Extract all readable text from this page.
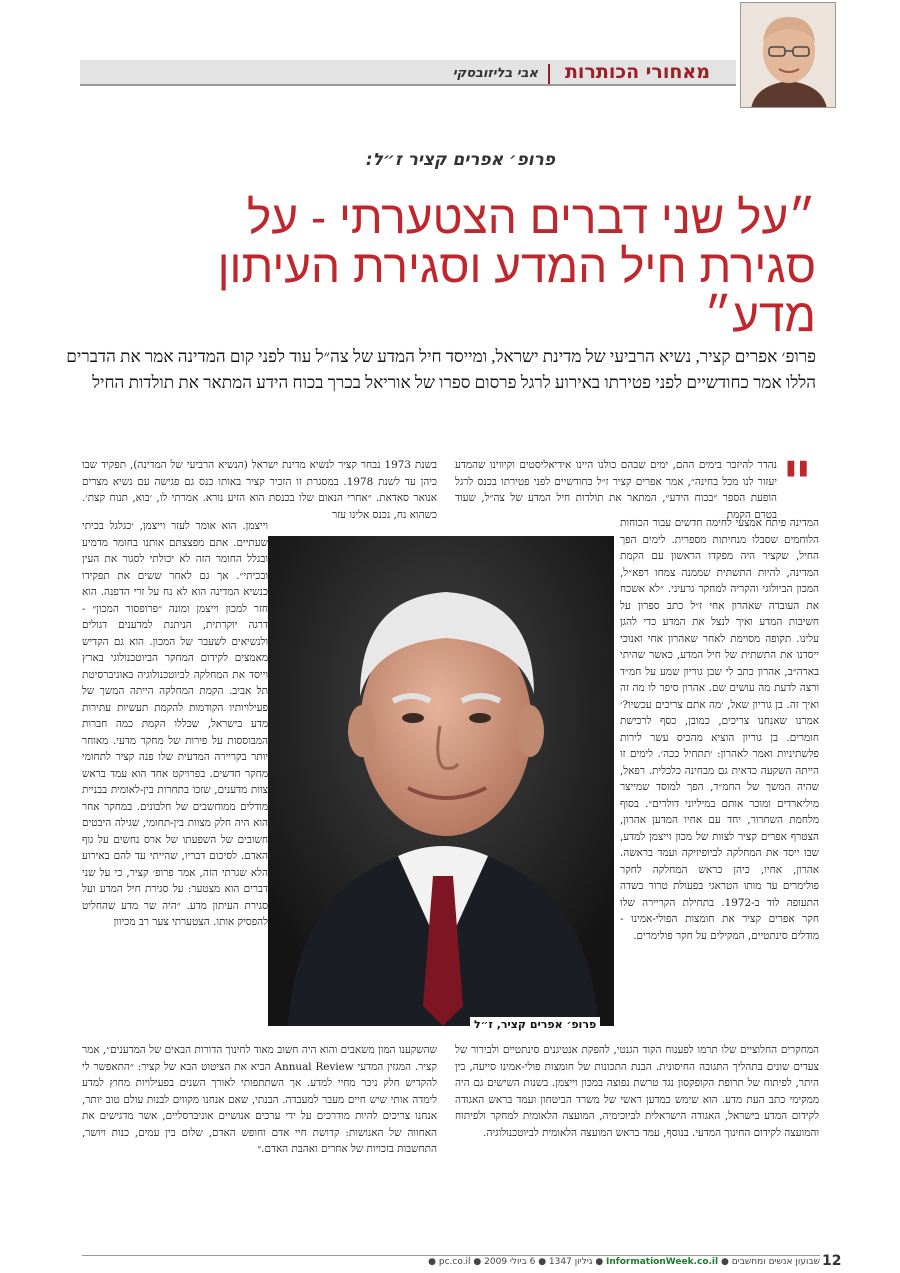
מאחורי הכותרות
אבי בליזובסקי
פרופ׳ אפרים קציר ז״ל:
״על שני דברים הצטערתי - על סגירת חיל המדע וסגירת העיתון מדע״
פרופ׳ אפרים קציר, נשיא הרביעי של מדינת ישראל, ומייסד חיל המדע של צה״ל עוד לפני קום המדינה אמר את הדברים הללו אמר כחודשיים לפני פטירתו באירוע לרגל פרסום ספרו של אוריאל בכרך בכוח הידע המתאר את תולדות החיל
"
נהדר להיזכר בימים ההם, ימים שבהם כולנו היינו אידיאליסטים וקיווינו שהמדע יעזור לנו מכל בחינה״, אמר אפרים קציר ז״ל כחודשיים לפני פטירתו בכנס לרגל הופעת הספר ״בכוח הידע״, המתאר את תולדות חיל המדע של צה״ל, שעוד בטרם הקמת
המדינה פיתח אמצעי לחימה חדשים עבור הכוחות הלוחמים שסבלו מנחיתות מספרית. לימים הפך החיל, שקציר היה מפקדו הראשון עם הקמת המדינה, להיות התשתית שממנה צמחו רפא״ל, המכון הביולוגי והקריה למחקר גרעיני. ״לא אשכח את העובדה שאהרון אחי ז״ל כתב ספרון על חשיבות המדע ואיך לנצל את המדע כדי להגן עלינו. תקופה מסוימת לאחר שאהרון אחי ואנוכי ייסדנו את התשתית של חיל המדע, כאשר שהיתי בארה״ב, אהרון כתב לי שבן גוריון שמע על חמ״ד ורצה לדעת מה עושים שם. אהרון סיפר לו מה זה ואיך זה. בן גוריון שאל, ׳מה אתם צריכים עכשיו?׳ אמרנו שאנחנו צריכים, כמובן, כסף לרכישת חומרים. בן גוריון הוציא מהכיס עשר לירות פלשתיניות ואמר לאהרון: ׳תתחיל ככה׳. לימים זו הייתה השקעה כדאית גם מבחינה כלכלית. רפאל, שהיה המשך של החמ״ד, הפך למוסד שמייצר מיליארדים ומוכר אותם במיליוני דולרים״. בסוף מלחמת השחרור, יחד עם אחיו המדען אהרון, הצטרף אפרים קציר לצוות של מכון וייצמן למדע, שבו ייסד את המחלקה לביופיזיקה ועמד בראשה. אהרון, אחיו, כיהן כראש המחלקה לחקר פולימרים עד מותו הטראגי בפעולת טרור בשדה התעופה לוד ב-1972. בתחילת הקריירה שלו חקר אפרים קציר את חומצות הפולי-אמינו - מודלים סינתטיים, המקילים על חקר פולימרים.
בשנת 1973 נבחר קציר לנשיא מדינת ישראל (הנשיא הרביעי של המדינה), תפקיד שבו כיהן עד לשנת 1978. במסגרת זו הזכיר קציר באותו כנס גם פגישה עם נשיא מצרים אנואר סאדאת. ״אחרי הנאום שלו בכנסת הוא הזיע נורא. אמרתי לו, ׳בוא, תנוח קצת׳. כשהוא נח, נכנס אלינו עזר
וייצמן. הוא אומר לעזר וייצמן, ׳כגלגל בכיתי שעתיים. אתם מפצצתם אותנו בחומר מדמיע ובגלל החומר הזה לא יכולתי לסגור את העין ובכיתי״. אך גם לאחר ששים את תפקידו כנשיא המדינה הוא לא נח על זרי הדפנה. הוא חזר למכון וייצמן ומונה ״פרופסור המכון״ - דרגה יוקרתית, הניתנת למדענים דגולים ולנשיאים לשעבר של המכון. הוא גם הקדיש מאמצים לקידום המחקר הביוטכנולוגי בארץ וייסד את המחלקה לביוטכנולוגיה באוניברסיטת תל אביב. הקמת המחלקה הייתה המשך של פעילויותיו הקודמות להקמת תעשיות עתירות מדע בישראל, שכללו הקמת כמה חברות המבוססות על פירות של מחקר מדעי. מאוחר יותר בקריירה המדעית שלו פנה קציר לתחומי מחקר חדשים. בפרויקט אחד הוא עמד בראש צוות מדענים, שזכו בתחרות בין-לאומית בבניית מודלים ממוחשבים של חלבונים. במחקר אחר הוא היה חלק מצוות בין-תחומי, שגילה היבטים חשובים של השפעתו של ארס נחשים על גוף האדם. לסיכום דבריו, שהייתי עד להם באירוע הלא שגרתי הזה, אמר פרופ׳ קציר, כי על שני דברים הוא מצטער: על סגירת חיל המדע ועל סגירת העיתון מדע. ״היה שר מדע שהחליט להפסיק אותו. הצטערתי צער רב מכיוון
פרופ׳ אפרים קציר, ז״ל
שהשקענו המון משאבים והוא היה חשוב מאוד לחינוך הדורות הבאים של המדענים״, אמר קציר. המגזין המדעי Annual Review הביא את הציטוט הבא של קציר: ״התאפשר לי להקדיש חלק ניכר מחיי למדע. אך השתתפותי לאורך השנים בפעילויות מחוץ למדע לימדה אותי שיש חיים מעבר למעבדה. הבנתי, שאם אנחנו מקווים לבנות עולם טוב יותר, אנחנו צריכים להיות מודרכים על ידי ערכים אנושיים אוניברסליים, אשר מדגישים את האחווה של האנושות: קדושת חיי אדם וחופש האדם, שלום בין עמים, כנות ויושר, התחשבות בזכויות של אחרים ואהבת האדם.״
המחקרים החלוציים שלו תרמו לפענוח הקוד הגנטי, להפקת אנטיגנים סינתטיים ולבירור של צעדים שונים בתהליך התגובה החיסונית. הבנת התכונות של חומצות פולי-אמינו סייעה, בין היתר, לפיתוח של תרופת הקופקסון נגד טרשת נפוצה במכון וייצמן. בשנות השישים גם היה ממקימי כתב העת מדע. הוא שימש כמדען ראשי של משרד הביטחון ועמד בראש האגודה לקידום המדע בישראל, האגודה הישראלית לביוכימיה, המועצה הלאומית למחקר ולפיתוח והמועצה לקידום החינוך המדעי. בנוסף, עמד בראש המועצה הלאומית לביוטכנולוגיה.
12
שבועון אנשים ומחשבים ● InformationWeek.co.il ● גיליון 1347 ● 6 ביולי 2009 ● pc.co.il ●
